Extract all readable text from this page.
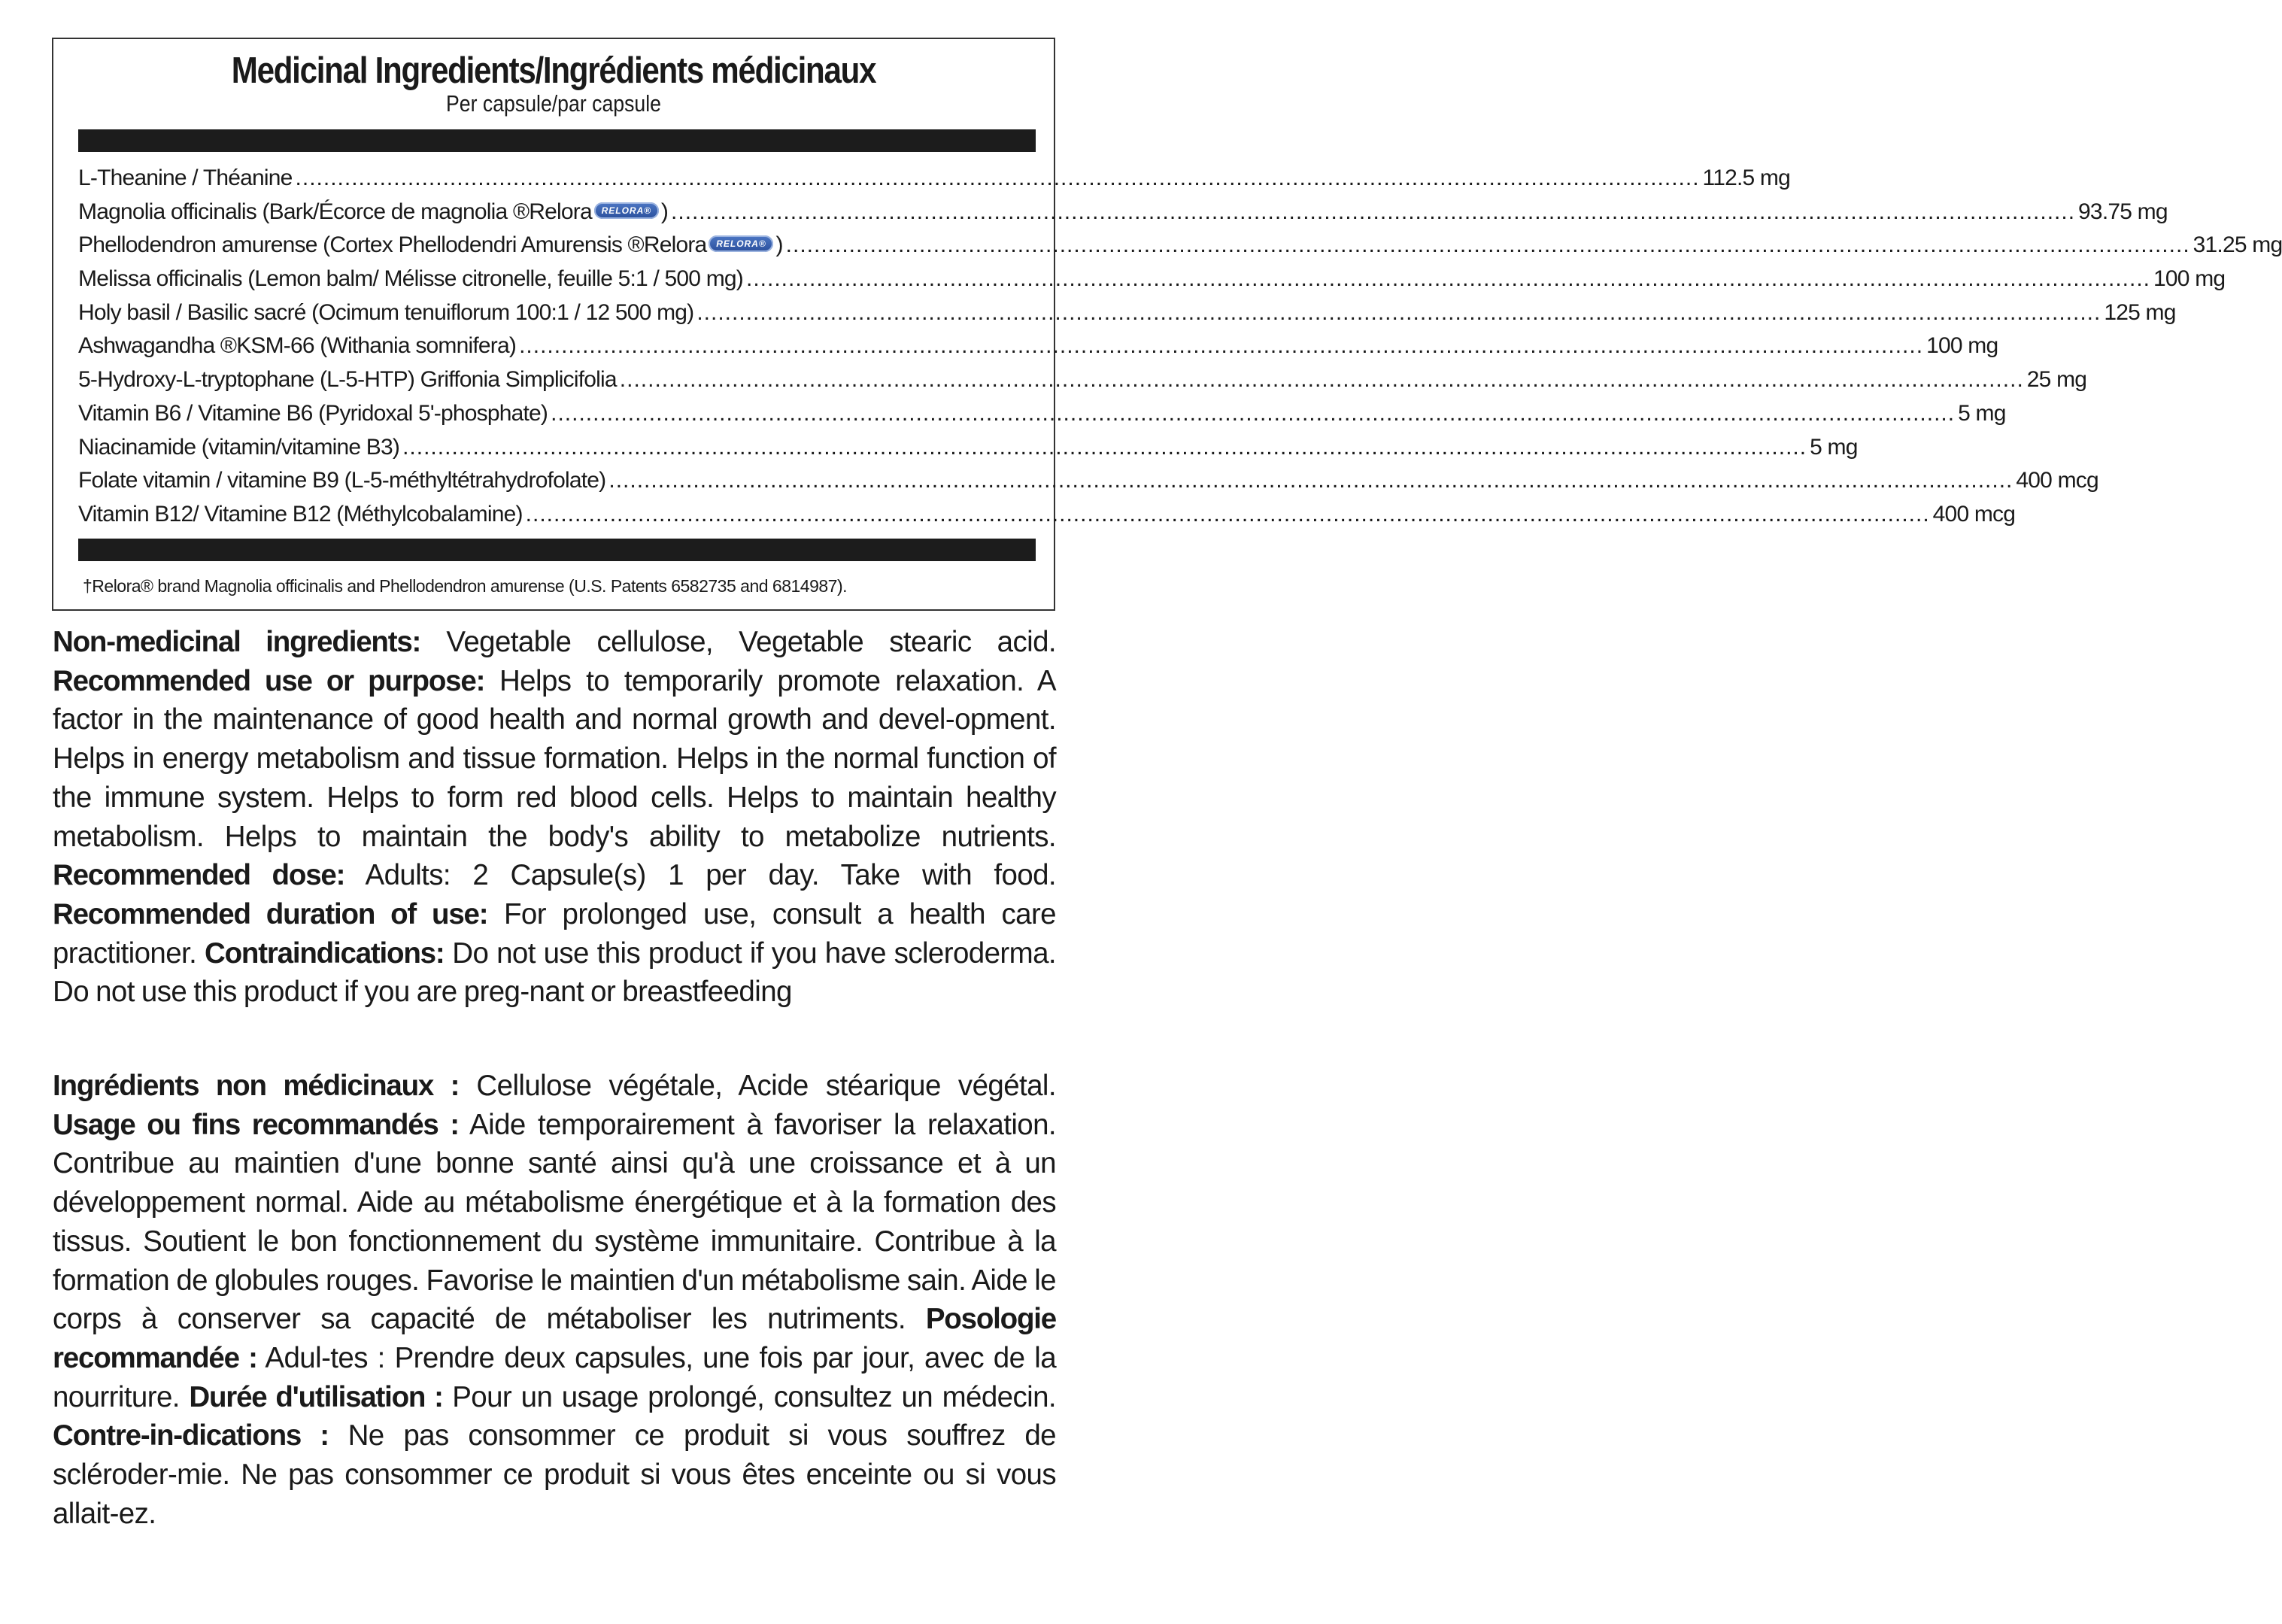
Medicinal Ingredients/Ingrédients médicinaux
Per capsule/par capsule
L-Theanine / Théanine ........................................................................................................................................................................................................ 112.5 mg
Magnolia officinalis (Bark/Écorce de magnolia ®Relora RELORA® ) ........................................................................................................................................................................................................ 93.75 mg
Phellodendron amurense (Cortex Phellodendri Amurensis ®Relora RELORA® ) ........................................................................................................................................................................................................ 31.25 mg
Melissa officinalis (Lemon balm/ Mélisse citronelle, feuille 5:1 / 500 mg) ........................................................................................................................................................................................................ 100 mg
Holy basil / Basilic sacré (Ocimum tenuiflorum 100:1 / 12 500 mg) ........................................................................................................................................................................................................ 125 mg
Ashwagandha ®KSM-66 (Withania somnifera) ........................................................................................................................................................................................................ 100 mg
5-Hydroxy-L-tryptophane (L-5-HTP) Griffonia Simplicifolia ........................................................................................................................................................................................................ 25 mg
Vitamin B6 / Vitamine B6 (Pyridoxal 5'-phosphate) ........................................................................................................................................................................................................ 5 mg
Niacinamide (vitamin/vitamine B3) ........................................................................................................................................................................................................ 5 mg
Folate vitamin / vitamine B9 (L-5-méthyltétrahydrofolate) ........................................................................................................................................................................................................ 400 mcg
Vitamin B12/ Vitamine B12 (Méthylcobalamine) ........................................................................................................................................................................................................ 400 mcg
†Relora® brand Magnolia officinalis and Phellodendron amurense (U.S. Patents 6582735 and 6814987).

Non-medicinal ingredients: Vegetable cellulose, Vegetable stearic acid. Recommended use or purpose: Helps to temporarily promote relaxation. A factor in the maintenance of good health and normal growth and devel-opment. Helps in energy metabolism and tissue formation. Helps in the normal function of the immune system. Helps to form red blood cells. Helps to maintain healthy metabolism. Helps to maintain the body's ability to metabolize nutrients. Recommended dose: Adults: 2 Capsule(s) 1 per day. Take with food. Recommended duration of use: For prolonged use, consult a health care practitioner. Contraindications: Do not use this product if you have scleroderma. Do not use this product if you are preg-nant or breastfeeding

Ingrédients non médicinaux : Cellulose végétale, Acide stéarique végétal. Usage ou fins recommandés : Aide temporairement à favoriser la relaxation. Contribue au maintien d'une bonne santé ainsi qu'à une croissance et à un développement normal. Aide au métabolisme énergétique et à la formation des tissus. Soutient le bon fonctionnement du système immunitaire. Contribue à la formation de globules rouges. Favorise le maintien d'un métabolisme sain. Aide le corps à conserver sa capacité de métaboliser les nutriments. Posologie recommandée : Adul-tes : Prendre deux capsules, une fois par jour, avec de la nourriture. Durée d'utilisation : Pour un usage prolongé, consultez un médecin. Contre-in-dications : Ne pas consommer ce produit si vous souffrez de scléroder-mie. Ne pas consommer ce produit si vous êtes enceinte ou si vous allait-ez.
